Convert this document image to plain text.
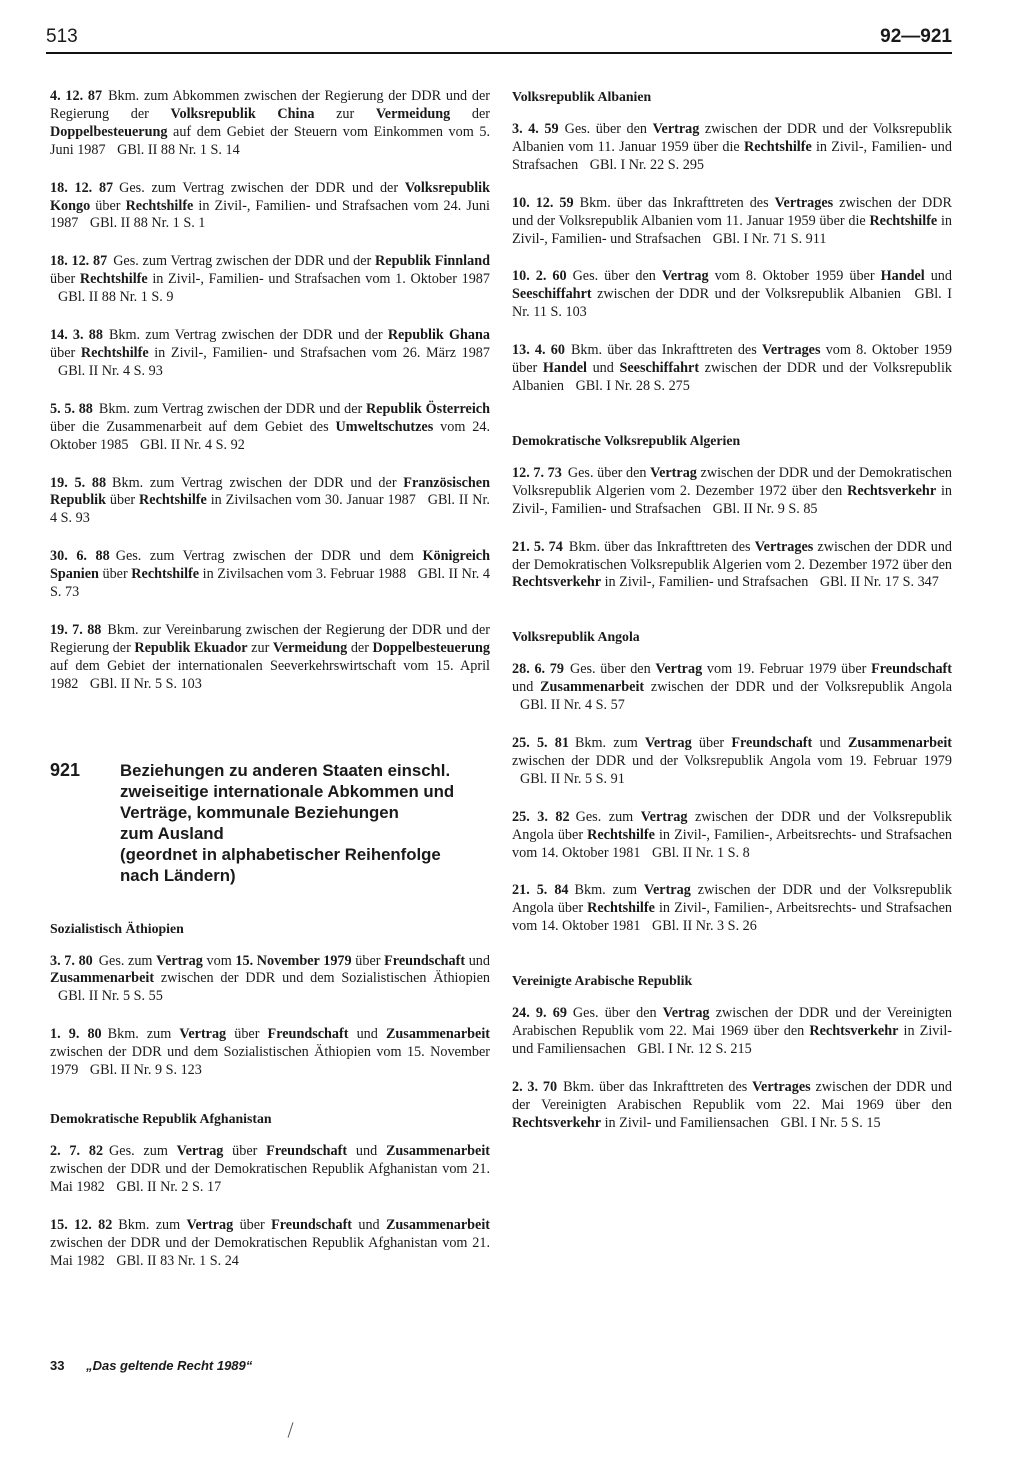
513	92—921

4. 12. 87 Bkm. zum Abkommen zwischen der Regierung der DDR und der Regierung der Volksrepublik China zur Vermeidung der Doppelbesteuerung auf dem Gebiet der Steuern vom Einkommen vom 5. Juni 1987 GBl. II 88 Nr. 1 S. 14

18. 12. 87 Ges. zum Vertrag zwischen der DDR und der Volksrepublik Kongo über Rechtshilfe in Zivil-, Familien- und Strafsachen vom 24. Juni 1987 GBl. II 88 Nr. 1 S. 1

18. 12. 87 Ges. zum Vertrag zwischen der DDR und der Republik Finnland über Rechtshilfe in Zivil-, Familien- und Strafsachen vom 1. Oktober 1987 GBl. II 88 Nr. 1 S. 9

14. 3. 88 Bkm. zum Vertrag zwischen der DDR und der Republik Ghana über Rechtshilfe in Zivil-, Familien- und Strafsachen vom 26. März 1987 GBl. II Nr. 4 S. 93

5. 5. 88 Bkm. zum Vertrag zwischen der DDR und der Republik Österreich über die Zusammenarbeit auf dem Gebiet des Umweltschutzes vom 24. Oktober 1985 GBl. II Nr. 4 S. 92

19. 5. 88 Bkm. zum Vertrag zwischen der DDR und der Französischen Republik über Rechtshilfe in Zivilsachen vom 30. Januar 1987 GBl. II Nr. 4 S. 93

30. 6. 88 Ges. zum Vertrag zwischen der DDR und dem Königreich Spanien über Rechtshilfe in Zivilsachen vom 3. Februar 1988 GBl. II Nr. 4 S. 73

19. 7. 88 Bkm. zur Vereinbarung zwischen der Regierung der DDR und der Regierung der Republik Ekuador zur Vermeidung der Doppelbesteuerung auf dem Gebiet der internationalen Seeverkehrswirtschaft vom 15. April 1982 GBl. II Nr. 5 S. 103

921	Beziehungen zu anderen Staaten einschl.
zweiseitige internationale Abkommen und
Verträge, kommunale Beziehungen
zum Ausland
(geordnet in alphabetischer Reihenfolge
nach Ländern)
Sozialistisch Äthiopien

3. 7. 80 Ges. zum Vertrag vom 15. November 1979 über Freundschaft und Zusammenarbeit zwischen der DDR und dem Sozialistischen Äthiopien GBl. II Nr. 5 S. 55

1. 9. 80 Bkm. zum Vertrag über Freundschaft und Zusammenarbeit zwischen der DDR und dem Sozialistischen Äthiopien vom 15. November 1979 GBl. II Nr. 9 S. 123

Demokratische Republik Afghanistan

2. 7. 82 Ges. zum Vertrag über Freundschaft und Zusammenarbeit zwischen der DDR und der Demokratischen Republik Afghanistan vom 21. Mai 1982 GBl. II Nr. 2 S. 17

15. 12. 82 Bkm. zum Vertrag über Freundschaft und Zusammenarbeit zwischen der DDR und der Demokratischen Republik Afghanistan vom 21. Mai 1982 GBl. II 83 Nr. 1 S. 24

Volksrepublik Albanien

3. 4. 59 Ges. über den Vertrag zwischen der DDR und der Volksrepublik Albanien vom 11. Januar 1959 über die Rechtshilfe in Zivil-, Familien- und Strafsachen GBl. I Nr. 22 S. 295

10. 12. 59 Bkm. über das Inkrafttreten des Vertrages zwischen der DDR und der Volksrepublik Albanien vom 11. Januar 1959 über die Rechtshilfe in Zivil-, Familien- und Strafsachen GBl. I Nr. 71 S. 911

10. 2. 60 Ges. über den Vertrag vom 8. Oktober 1959 über Handel und Seeschiffahrt zwischen der DDR und der Volksrepublik Albanien GBl. I Nr. 11 S. 103

13. 4. 60 Bkm. über das Inkrafttreten des Vertrages vom 8. Oktober 1959 über Handel und Seeschiffahrt zwischen der DDR und der Volksrepublik Albanien GBl. I Nr. 28 S. 275

Demokratische Volksrepublik Algerien

12. 7. 73 Ges. über den Vertrag zwischen der DDR und der Demokratischen Volksrepublik Algerien vom 2. Dezember 1972 über den Rechtsverkehr in Zivil-, Familien- und Strafsachen GBl. II Nr. 9 S. 85

21. 5. 74 Bkm. über das Inkrafttreten des Vertrages zwischen der DDR und der Demokratischen Volksrepublik Algerien vom 2. Dezember 1972 über den Rechtsverkehr in Zivil-, Familien- und Strafsachen GBl. II Nr. 17 S. 347

Volksrepublik Angola

28. 6. 79 Ges. über den Vertrag vom 19. Februar 1979 über Freundschaft und Zusammenarbeit zwischen der DDR und der Volksrepublik Angola GBl. II Nr. 4 S. 57

25. 5. 81 Bkm. zum Vertrag über Freundschaft und Zusammenarbeit zwischen der DDR und der Volksrepublik Angola vom 19. Februar 1979 GBl. II Nr. 5 S. 91

25. 3. 82 Ges. zum Vertrag zwischen der DDR und der Volksrepublik Angola über Rechtshilfe in Zivil-, Familien-, Arbeitsrechts- und Strafsachen vom 14. Oktober 1981 GBl. II Nr. 1 S. 8

21. 5. 84 Bkm. zum Vertrag zwischen der DDR und der Volksrepublik Angola über Rechtshilfe in Zivil-, Familien-, Arbeitsrechts- und Strafsachen vom 14. Oktober 1981 GBl. II Nr. 3 S. 26

Vereinigte Arabische Republik

24. 9. 69 Ges. über den Vertrag zwischen der DDR und der Vereinigten Arabischen Republik vom 22. Mai 1969 über den Rechtsverkehr in Zivil- und Familiensachen GBl. I Nr. 12 S. 215

2. 3. 70 Bkm. über das Inkrafttreten des Vertrages zwischen der DDR und der Vereinigten Arabischen Republik vom 22. Mai 1969 über den Rechtsverkehr in Zivil- und Familiensachen GBl. I Nr. 5 S. 15

33 „Das geltende Recht 1989“
